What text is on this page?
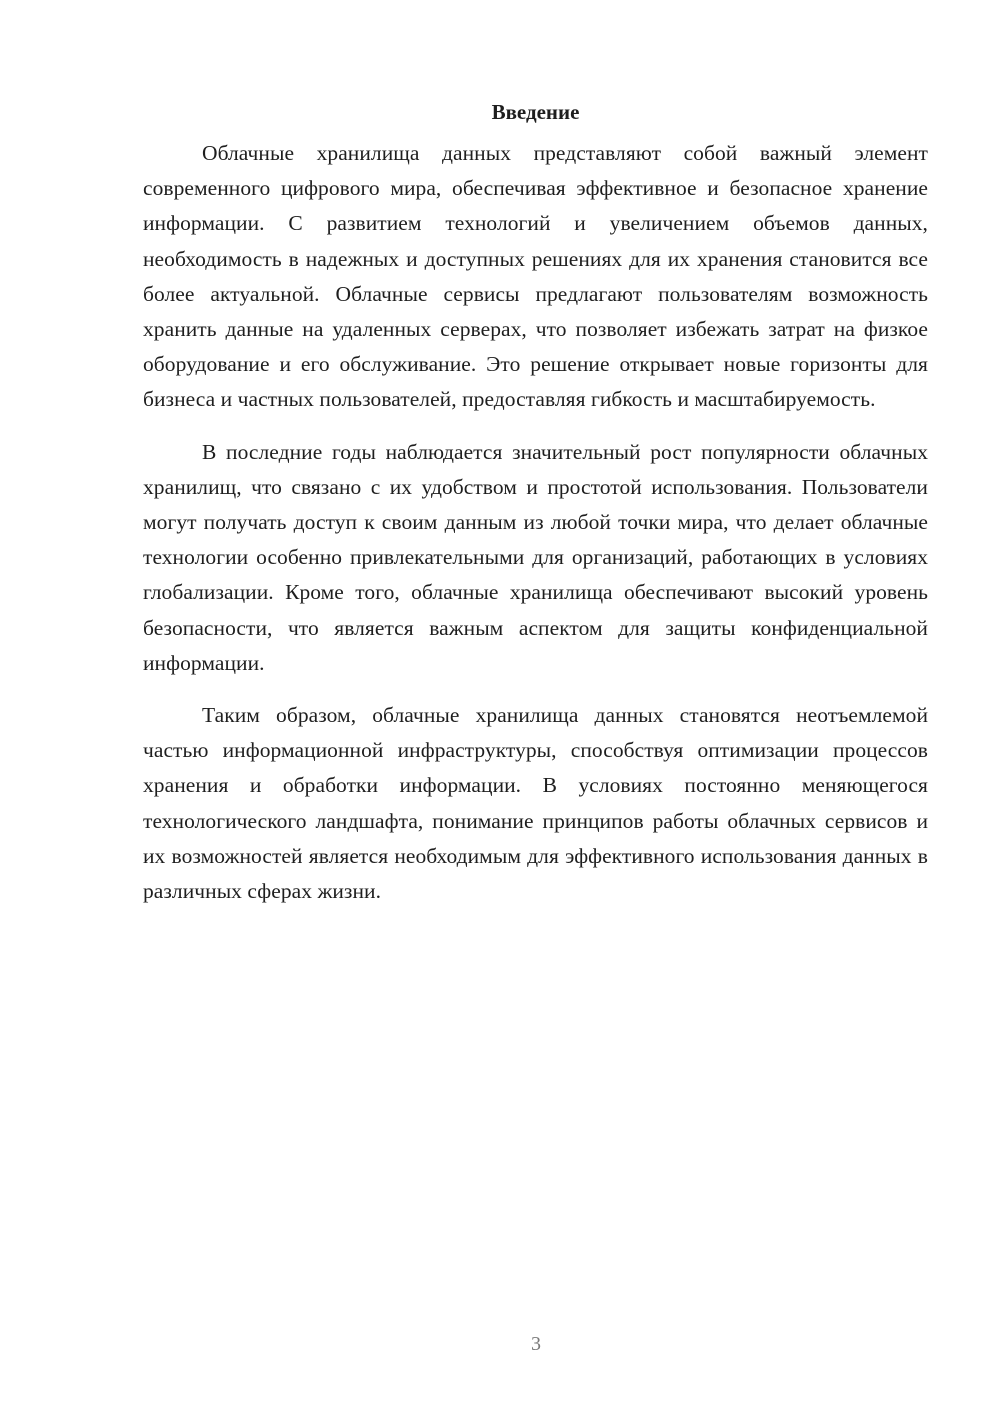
Введение

Облачные хранилища данных представляют собой важный элемент современного цифрового мира, обеспечивая эффективное и безопасное хранение информации. С развитием технологий и увеличением объемов данных, необходимость в надежных и доступных решениях для их хранения становится все более актуальной. Облачные сервисы предлагают пользователям возможность хранить данные на удаленных серверах, что позволяет избежать затрат на физкое оборудование и его обслуживание. Это решение открывает новые горизонты для бизнеса и частных пользователей, предоставляя гибкость и масштабируемость.

В последние годы наблюдается значительный рост популярности облачных хранилищ, что связано с их удобством и простотой использования. Пользователи могут получать доступ к своим данным из любой точки мира, что делает облачные технологии особенно привлекательными для организаций, работающих в условиях глобализации. Кроме того, облачные хранилища обеспечивают высокий уровень безопасности, что является важным аспектом для защиты конфиденциальной информации.

Таким образом, облачные хранилища данных становятся неотъемлемой частью информационной инфраструктуры, способствуя оптимизации процессов хранения и обработки информации. В условиях постоянно меняющегося технологического ландшафта, понимание принципов работы облачных сервисов и их возможностей является необходимым для эффективного использования данных в различных сферах жизни.

3
